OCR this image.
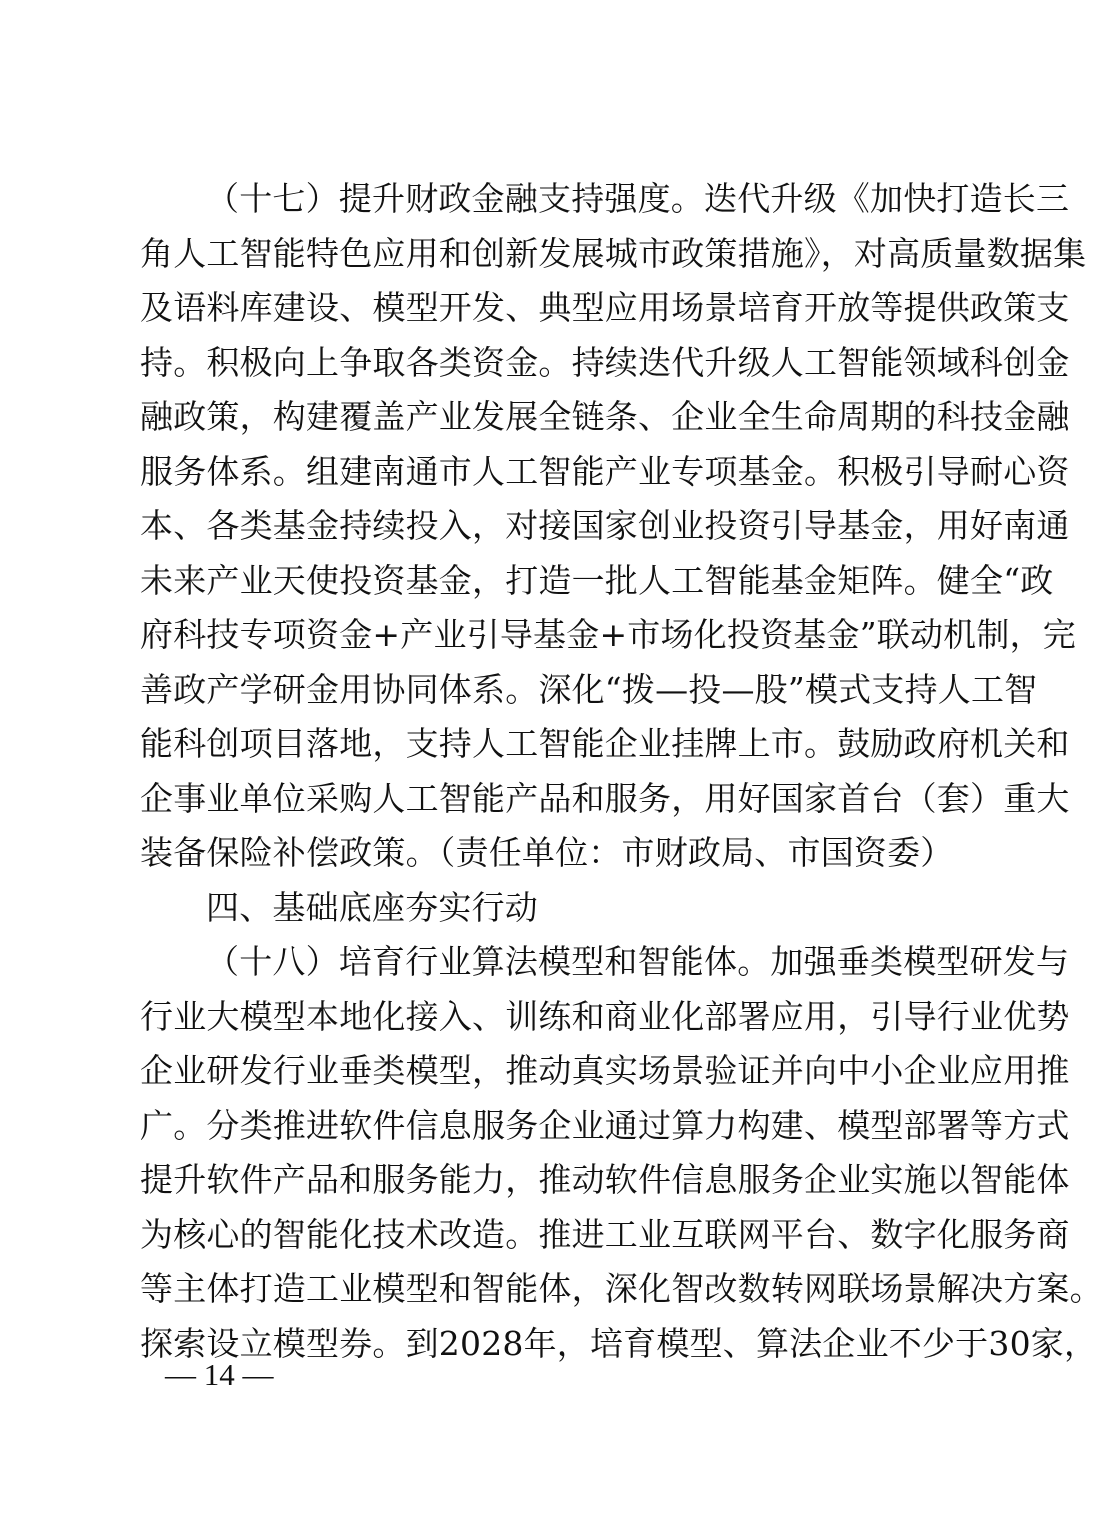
（十七）提升财政金融支持强度。迭代升级《加快打造长三
角人工智能特色应用和创新发展城市政策措施》，对高质量数据集
及语料库建设、模型开发、典型应用场景培育开放等提供政策支
持。积极向上争取各类资金。持续迭代升级人工智能领域科创金
融政策，构建覆盖产业发展全链条、企业全生命周期的科技金融
服务体系。组建南通市人工智能产业专项基金。积极引导耐心资
本、各类基金持续投入，对接国家创业投资引导基金，用好南通
未来产业天使投资基金，打造一批人工智能基金矩阵。健全“政
府科技专项资金+产业引导基金+市场化投资基金”联动机制，完
善政产学研金用协同体系。深化“拨—投—股”模式支持人工智
能科创项目落地，支持人工智能企业挂牌上市。鼓励政府机关和
企事业单位采购人工智能产品和服务，用好国家首台（套）重大
装备保险补偿政策。（责任单位：市财政局、市国资委）
四、基础底座夯实行动
（十八）培育行业算法模型和智能体。加强垂类模型研发与
行业大模型本地化接入、训练和商业化部署应用，引导行业优势
企业研发行业垂类模型，推动真实场景验证并向中小企业应用推
广。分类推进软件信息服务企业通过算力构建、模型部署等方式
提升软件产品和服务能力，推动软件信息服务企业实施以智能体
为核心的智能化技术改造。推进工业互联网平台、数字化服务商
等主体打造工业模型和智能体，深化智改数转网联场景解决方案。
探索设立模型券。到2028年，培育模型、算法企业不少于30家，
— 14 —
